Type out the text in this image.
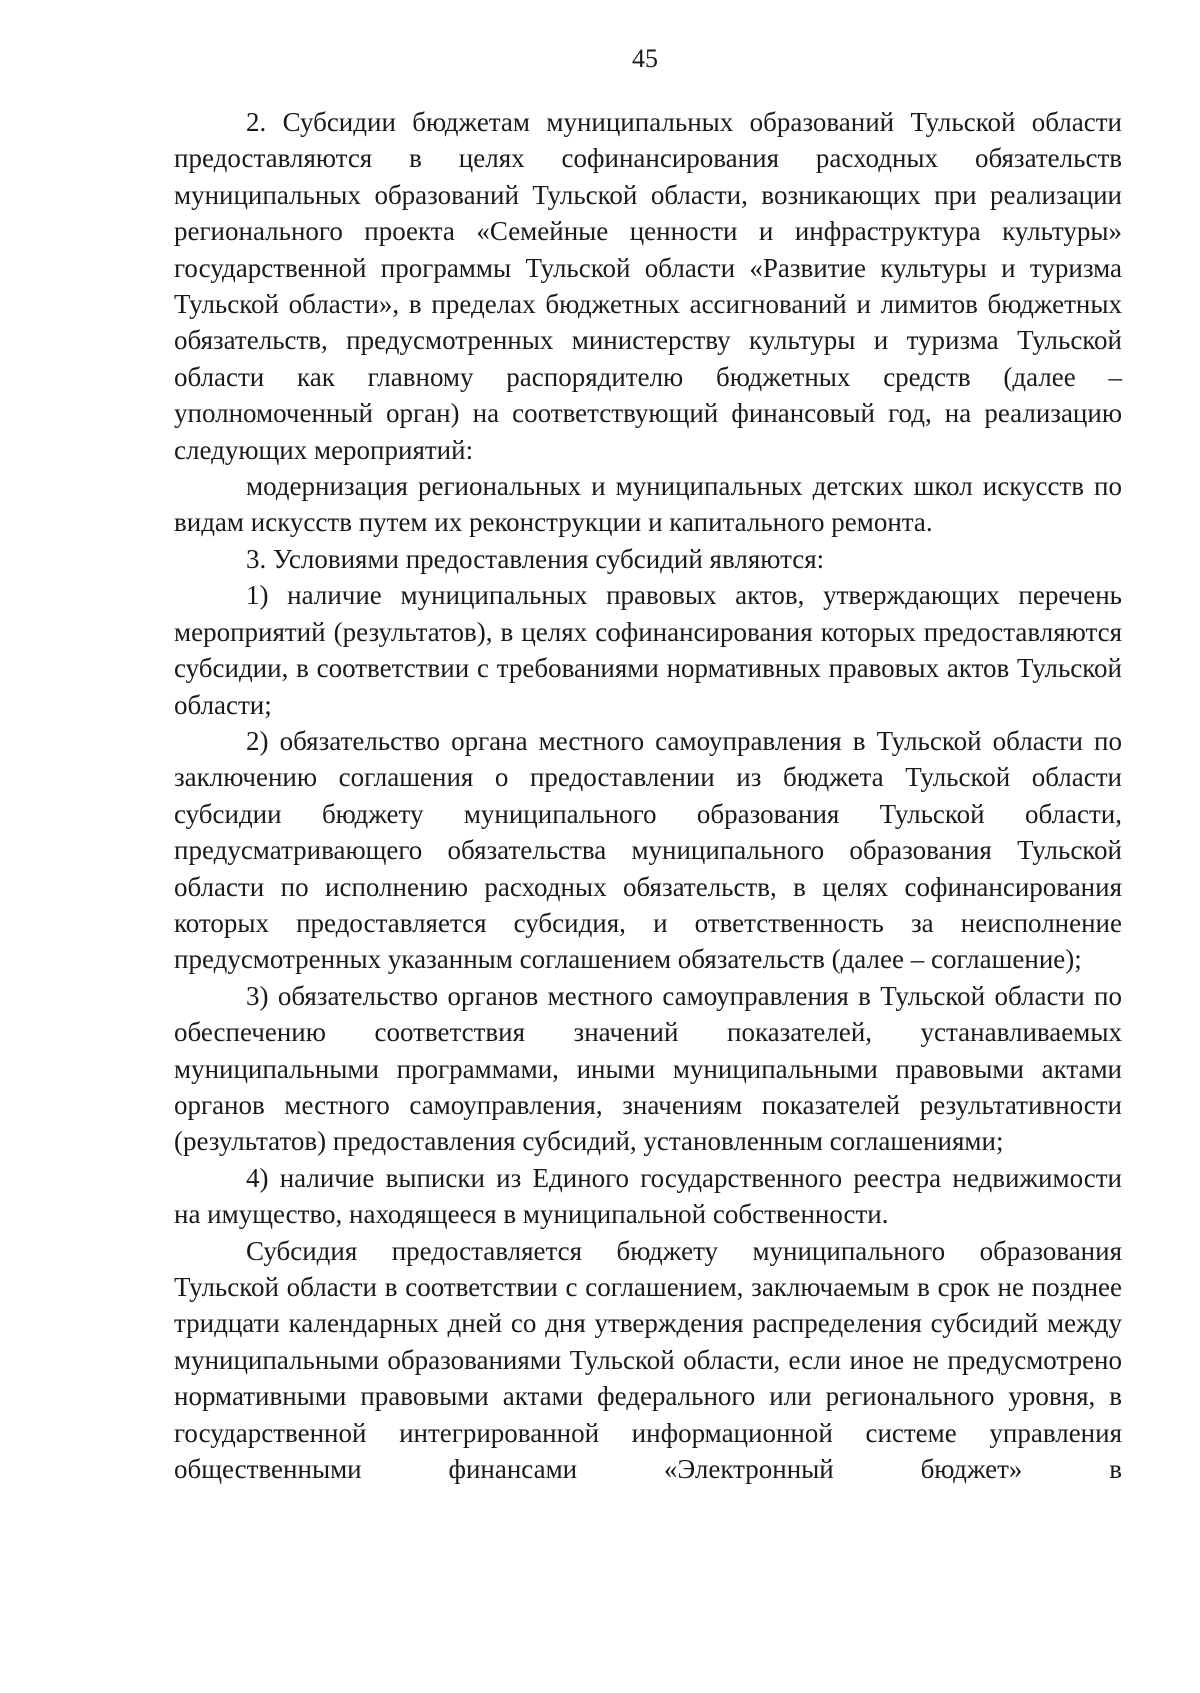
45

2. Субсидии бюджетам муниципальных образований Тульской области предоставляются в целях софинансирования расходных обязательств муниципальных образований Тульской области, возникающих при реализации регионального проекта «Семейные ценности и инфраструктура культуры» государственной программы Тульской области «Развитие культуры и туризма Тульской области», в пределах бюджетных ассигнований и лимитов бюджетных обязательств, предусмотренных министерству культуры и туризма Тульской области как главному распорядителю бюджетных средств (далее – уполномоченный орган) на соответствующий финансовый год, на реализацию следующих мероприятий:

модернизация региональных и муниципальных детских школ искусств по видам искусств путем их реконструкции и капитального ремонта.

3. Условиями предоставления субсидий являются:

1) наличие муниципальных правовых актов, утверждающих перечень мероприятий (результатов), в целях софинансирования которых предоставляются субсидии, в соответствии с требованиями нормативных правовых актов Тульской области;

2) обязательство органа местного самоуправления в Тульской области по заключению соглашения о предоставлении из бюджета Тульской области субсидии бюджету муниципального образования Тульской области, предусматривающего обязательства муниципального образования Тульской области по исполнению расходных обязательств, в целях софинансирования которых предоставляется субсидия, и ответственность за неисполнение предусмотренных указанным соглашением обязательств (далее – соглашение);

3) обязательство органов местного самоуправления в Тульской области по обеспечению соответствия значений показателей, устанавливаемых муниципальными программами, иными муниципальными правовыми актами органов местного самоуправления, значениям показателей результативности (результатов) предоставления субсидий, установленным соглашениями;

4) наличие выписки из Единого государственного реестра недвижимости на имущество, находящееся в муниципальной собственности.

Субсидия предоставляется бюджету муниципального образования Тульской области в соответствии с соглашением, заключаемым в срок не позднее тридцати календарных дней со дня утверждения распределения субсидий между муниципальными образованиями Тульской области, если иное не предусмотрено нормативными правовыми актами федерального или регионального уровня, в государственной интегрированной информационной системе управления общественными финансами «Электронный бюджет» в
